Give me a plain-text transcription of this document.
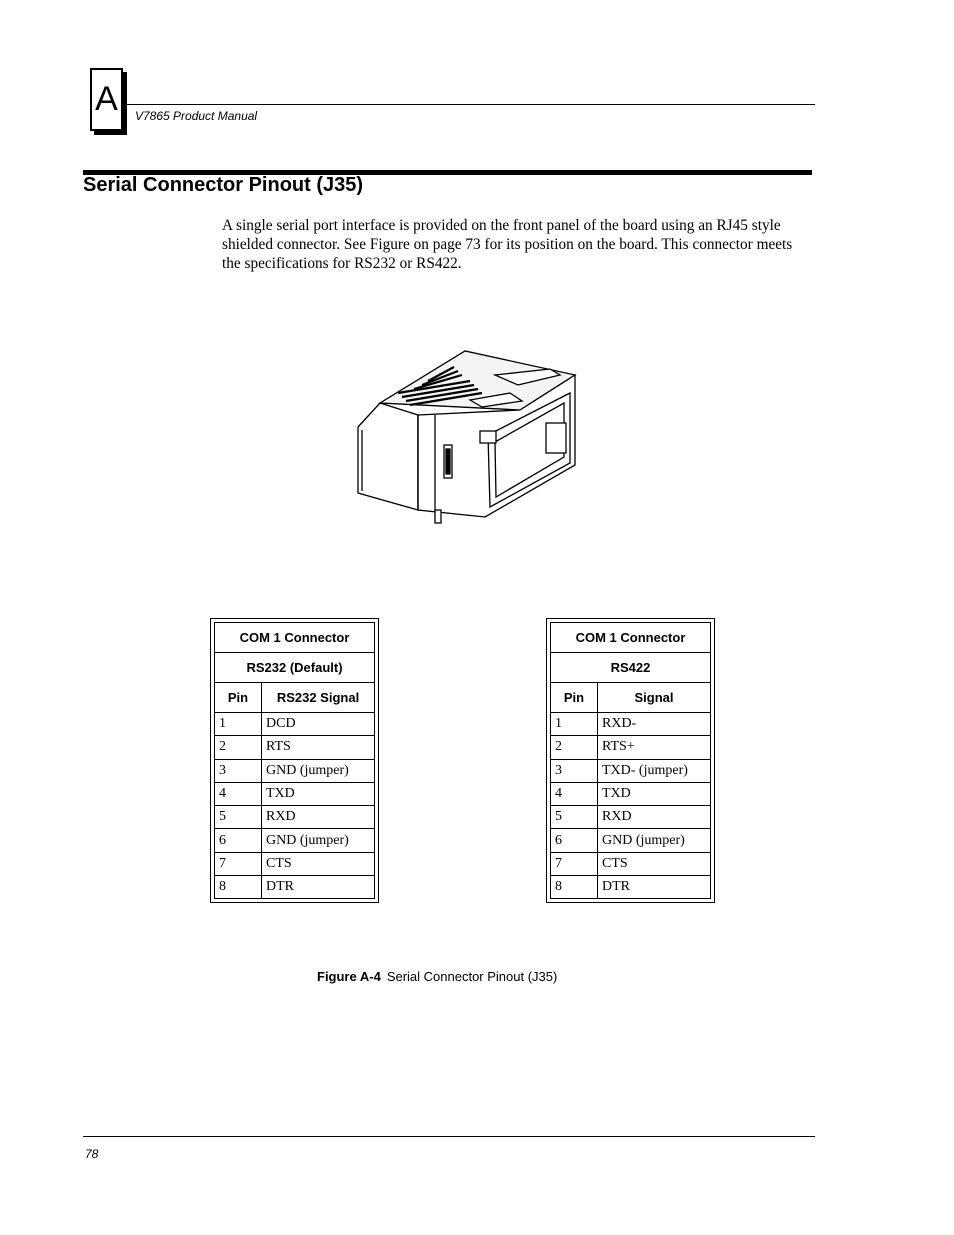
A	V7865 Product Manual
Serial Connector Pinout (J35)
A single serial port interface is provided on the front panel of the board using an RJ45 style shielded connector. See Figure on page 73 for its position on the board. This connector meets the specifications for RS232 or RS422.
COM 1 Connector	
RS232 (Default)	
Pin	RS232 Signal
1	DCD
2	RTS
3	GND (jumper)
4	TXD
5	RXD
6	GND (jumper)
7	CTS
8	DTR
COM 1 Connector	
RS422	
Pin	Signal
1	RXD-
2	RTS+
3	TXD- (jumper)
4	TXD
5	RXD
6	GND (jumper)
7	CTS
8	DTR
Figure A-4 Serial Connector Pinout (J35)
78
